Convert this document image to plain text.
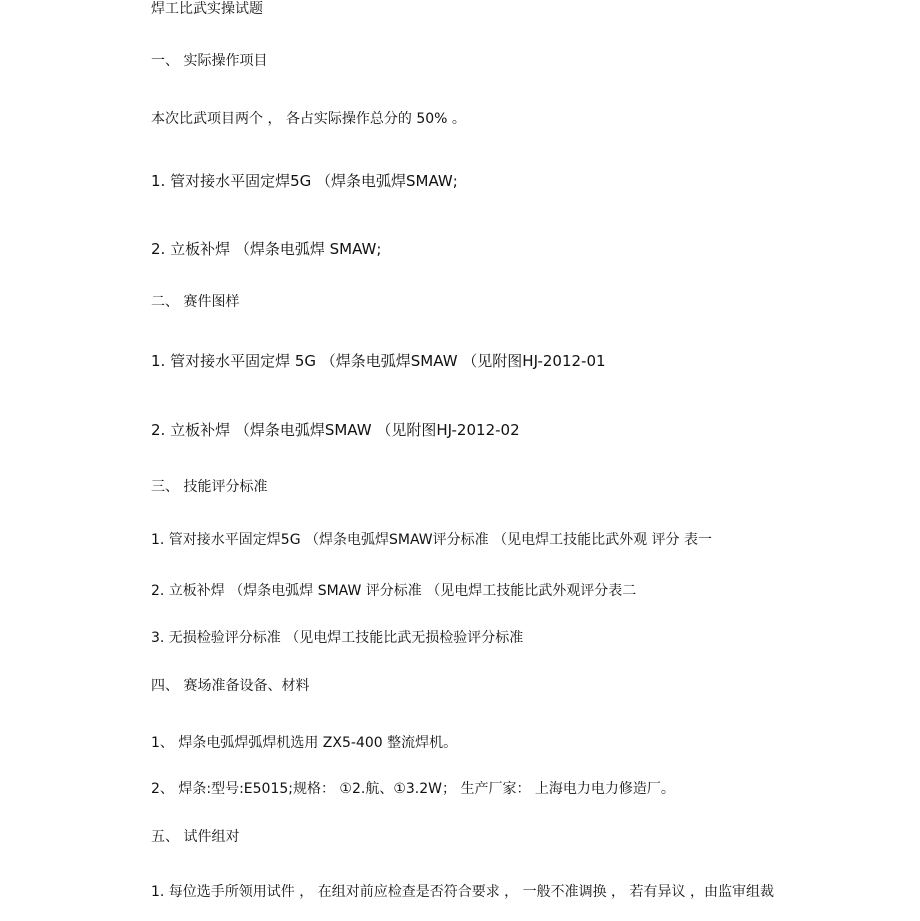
焊工比武实操试题
一、 实际操作项目
本次比武项目两个 ， 各占实际操作总分的 50% 。
1. 管对接水平固定焊5G （焊条电弧焊SMAW;
2. 立板补焊 （焊条电弧焊 SMAW;
二、 赛件图样
1. 管对接水平固定焊 5G （焊条电弧焊SMAW （见附图HJ-2012-01
2. 立板补焊 （焊条电弧焊SMAW （见附图HJ-2012-02
三、 技能评分标准
1. 管对接水平固定焊5G （焊条电弧焊SMAW评分标准 （见电焊工技能比武外观 评分 表一
2. 立板补焊 （焊条电弧焊 SMAW 评分标准 （见电焊工技能比武外观评分表二
3. 无损检验评分标准 （见电焊工技能比武无损检验评分标准
四、 赛场准备设备、材料
1、 焊条电弧焊弧焊机选用 ZX5-400 整流焊机。
2、 焊条:型号:E5015;规格： ①2.航、①3.2W； 生产厂家： 上海电力电力修造厂。
五、 试件组对
1. 每位选手所领用试件 ， 在组对前应检查是否符合要求 ， 一般不准调换 ， 若有异议 ，由监审组裁
